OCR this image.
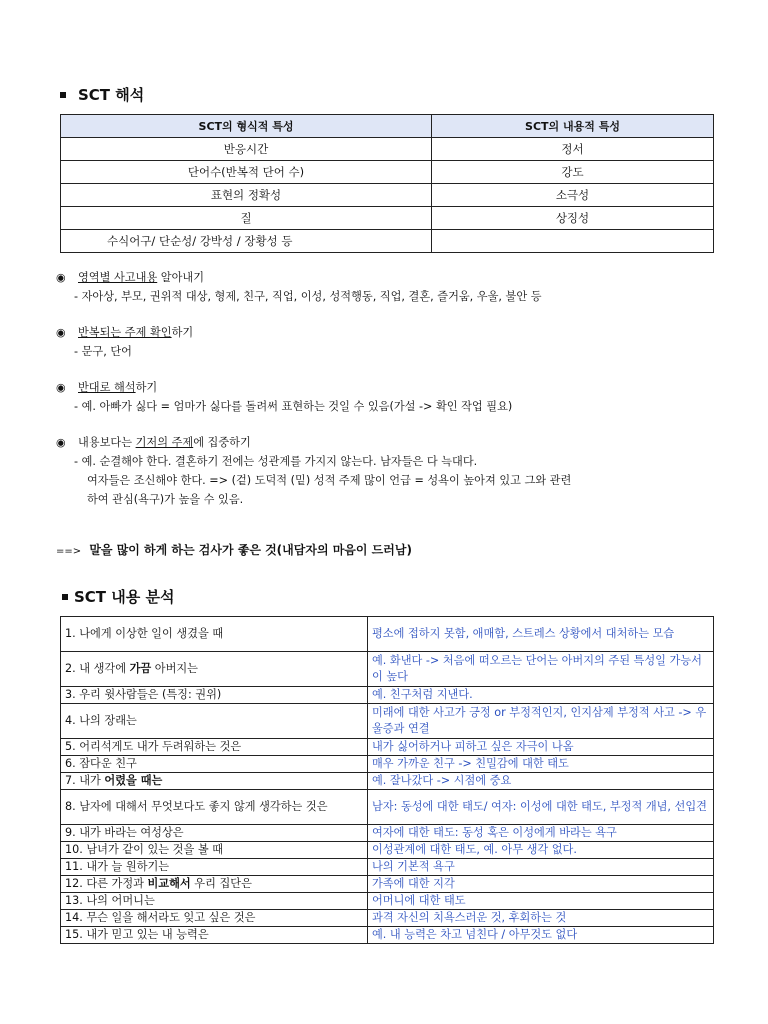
SCT 해석
SCT의 형식적 특성	SCT의 내용적 특성
반응시간	정서
단어수(반복적 단어 수)	강도
표현의 정확성	소극성
질	상징성
수식어구/ 단순성/ 강박성 / 장황성 등	
◉	영역별 사고내용 알아내기
- 자아상, 부모, 권위적 대상, 형제, 친구, 직업, 이성, 성적행동, 직업, 결혼, 즐거움, 우울, 불안 등
◉	반복되는 주제 확인하기
- 문구, 단어
◉	반대로 해석하기
- 예. 아빠가 싫다 = 엄마가 싫다를 돌려써 표현하는 것일 수 있음(가설 -> 확인 작업 필요)
◉	내용보다는 기저의 주제에 집중하기
- 예. 순결해야 한다. 결혼하기 전에는 성관계를 가지지 않는다. 남자들은 다 늑대다.
여자들은 조신해야 한다. => (겉) 도덕적 (밑) 성적 주제 많이 언급 = 성욕이 높아져 있고 그와 관련
하여 관심(욕구)가 높을 수 있음.
==> 말을 많이 하게 하는 검사가 좋은 것(내담자의 마음이 드러남)
SCT 내용 분석
1. 나에게 이상한 일이 생겼을 때	평소에 접하지 못함, 애매함, 스트레스 상황에서 대처하는 모습
2. 내 생각에 가끔 아버지는	예. 화낸다 -> 처음에 떠오르는 단어는 아버지의 주된 특성일 가능서이 높다
3. 우리 윗사람들은 (특징: 권위)	예. 친구처럼 지낸다.
4. 나의 장래는	미래에 대한 사고가 긍정 or 부정적인지, 인지삼제 부정적 사고 -> 우울증과 연결
5. 어리석게도 내가 두려워하는 것은	내가 싫어하거나 피하고 싶은 자극이 나옴
6. 잠다운 친구	매우 가까운 친구 -> 친밀감에 대한 태도
7. 내가 어렸을 때는	예. 잘나갔다 -> 시점에 중요
8. 남자에 대해서 무엇보다도 좋지 않게 생각하는 것은	남자: 동성에 대한 태도/ 여자: 이성에 대한 태도, 부정적 개념, 선입견
9. 내가 바라는 여성상은	여자에 대한 태도: 동성 혹은 이성에게 바라는 욕구
10. 남녀가 같이 있는 것을 볼 때	이성관계에 대한 태도, 예. 아무 생각 없다.
11. 내가 늘 원하기는	나의 기본적 욕구
12. 다른 가정과 비교해서 우리 집단은	가족에 대한 지각
13. 나의 어머니는	어머니에 대한 태도
14. 무슨 일을 해서라도 잊고 싶은 것은	과격 자신의 치욕스러운 것, 후회하는 것
15. 내가 믿고 있는 내 능력은	예. 내 능력은 차고 넘친다 / 아무것도 없다
